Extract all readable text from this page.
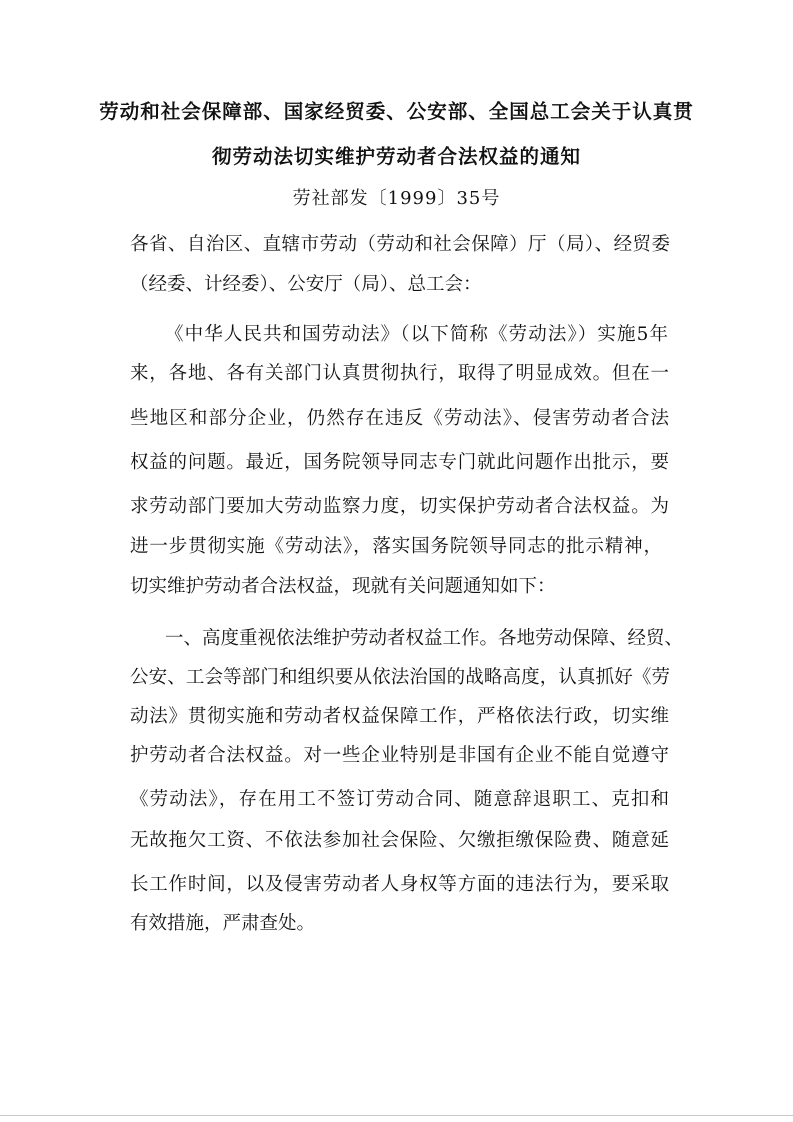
劳动和社会保障部、国家经贸委、公安部、全国总工会关于认真贯
彻劳动法切实维护劳动者合法权益的通知
劳社部发〔1999〕35号
各省、自治区、直辖市劳动（劳动和社会保障）厅（局）、经贸委
（经委、计经委）、公安厅（局）、总工会：
《中华人民共和国劳动法》（以下简称《劳动法》）实施5年
来，各地、各有关部门认真贯彻执行，取得了明显成效。但在一
些地区和部分企业，仍然存在违反《劳动法》、侵害劳动者合法
权益的问题。最近，国务院领导同志专门就此问题作出批示，要
求劳动部门要加大劳动监察力度，切实保护劳动者合法权益。为
进一步贯彻实施《劳动法》，落实国务院领导同志的批示精神，
切实维护劳动者合法权益，现就有关问题通知如下：
一、高度重视依法维护劳动者权益工作。各地劳动保障、经贸、
公安、工会等部门和组织要从依法治国的战略高度，认真抓好《劳
动法》贯彻实施和劳动者权益保障工作，严格依法行政，切实维
护劳动者合法权益。对一些企业特别是非国有企业不能自觉遵守
《劳动法》，存在用工不签订劳动合同、随意辞退职工、克扣和
无故拖欠工资、不依法参加社会保险、欠缴拒缴保险费、随意延
长工作时间，以及侵害劳动者人身权等方面的违法行为，要采取
有效措施，严肃查处。
